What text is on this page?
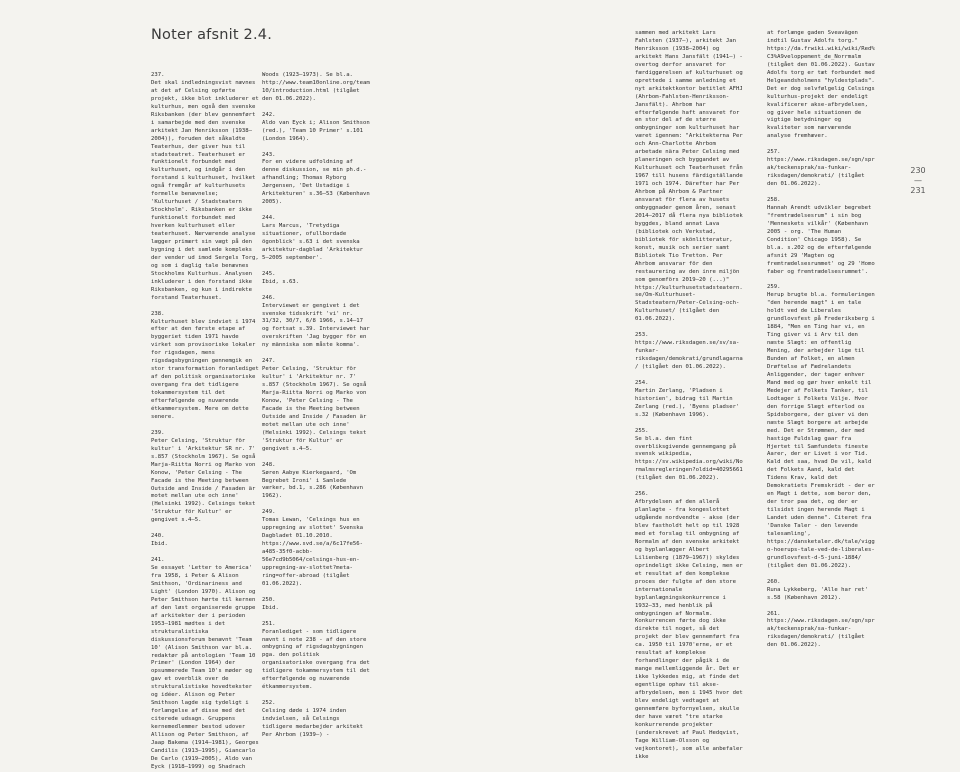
Noter afsnit 2.4.

237.
Det skal indledningsvist nævnes at det af Celsing opførte projekt, ikke blot inkluderer et kulturhus, men også den svenske Riksbanken (der blev gennemført i samarbejde med den svenske arkitekt Jan Henriksson (1938–2004)), foruden det såkaldte Teaterhus, der giver hus til stadsteatret. Teaterhuset er funktionelt forbundet med kulturhuset, og indgår i den forstand i kulturhuset, hvilket også fremgår af kulturhusets formelle benævnelse; 'Kulturhuset / Stadsteatern Stockholm'. Riksbanken er ikke funktionelt forbundet med hverken kulturhuset eller teaterhuset. Nærværende analyse lægger primært sin vægt på den bygning i det samlede kompleks der vender ud imod Sergels Torg, og som i daglig tale benævnes Stockholms Kulturhus. Analysen inkluderer i den forstand ikke Riksbanken, og kun i indirekte forstand Teaterhuset.

238.
Kulturhuset blev indviet i 1974 efter at den første etape af byggeriet tiden 1971 havde virket som provisoriske lokaler for rigsdagen, mens rigsdagsbygningen gennemgik en stor transformation foranlediget af den politisk organisatoriske overgang fra det tidligere tokammersystem til det efterfølgende og nuværende étkammersystem. Mere om dette senere.

239.
Peter Celsing, 'Struktur för kultur' i 'Arkitektur SR nr. 7' s.857 (Stockholm 1967). Se også Marja-Riitta Norri og Marko von Konow, 'Peter Celsing - The Facade is the Meeting between Outside and Inside / Fasaden är motet mellan ute och inne' (Helsinki 1992). Celsings tekst 'Struktur för Kultur' er gengivet s.4–5.

240.
Ibid.

241.
Se essayet 'Letter to America' fra 1958, i Peter & Alison Smithson, 'Ordinariness and Light' (London 1970). Alison og Peter Smithson hørte til kernen af den løst organiserede gruppe af arkitekter der i perioden 1953–1981 mødtes i det strukturalistiska diskussionsforum benævnt 'Team 10' (Alison Smithson var bl.a. redaktør på antologien 'Team 10 Primer' (London 1964) der opsummerede Team 10's møder og gav et overblik over de strukturalistiske hovedtekster og idéer. Alison og Peter Smithson lagde sig tydeligt i forlængelse af disse med det citerede udsagn. Gruppens kernemedlemmer bestod udover Allison og Peter Smithson, af Jaap Bakema (1914–1981), Georges Candilis (1913–1995), Giancarlo De Carlo (1919–2005), Aldo van Eyck (1918–1999) og Shadrach

Woods (1923–1973). Se bl.a. http://www.team10online.org/team10/introduction.html (tilgået den 01.06.2022).

242.
Aldo van Eyck i; Alison Smithson (red.), 'Team 10 Primer' s.101 (London 1964).

243.
For en videre udfoldning af denne diskussion, se min ph.d.-afhandling; Thomas Ryborg Jørgensen, 'Det Ustadige i Arkitekturen' s.36–53 (København 2005).

244.
Lars Marcus, 'Tretydiga situationer, ofullbordade ögonblick' s.63 i det svenska arkitektur-dagblad 'Arkitektur 5–2005 september'.

245.
Ibid, s.63.

246.
Interviewet er gengivet i det svenske tidsskrift 'vi' nr. 31/32, 30/7, 6/8 1966, s.14–17 og fortsat s.39. Interviewet har overskriften 'Jag bygger för en ny människa som måste komma'.

247.
Peter Celsing, 'Struktur för kultur' i 'Arkitektur nr. 7' s.857 (Stockholm 1967). Se også Marja-Riitta Norri og Marko von Konow, 'Peter Celsing - The Facade is the Meeting between Outside and Inside / Fasaden är motet mellan ute och inne' (Helsinki 1992). Celsings tekst 'Struktur för Kultur' er gengivet s.4–5.

248.
Søren Aabye Kierkegaard, 'Om Begrebet Ironi' i Samlede værker, bd.1, s.286 (København 1962).

249.
Tomas Lewan, 'Celsings hus en uppregning av slottet' Svenska Dagbladet 01.10.2010. https://www.svd.se/a/6c17fe56-a485-35f0-acbb-56e7cd9b5064/celsings-hus-en-uppregning-av-slottet?meta-ring=offer-abroad (tilgået 01.06.2022).

250.
Ibid.

251.
Foranlediget - som tidligere nævnt i note 238 - af den store ombygning af rigsdagsbygningen pga. den politisk organisatoriske overgang fra det tidligere tokammersystem til det efterfølgende og nuværende étkammersystem.

252.
Celsing døde i 1974 inden indvielsen, så Celsings tidligere medarbejder arkitekt Per Ahrbom (1939–) -

sammen med arkitekt Lars Fahlsten (1937–), arkitekt Jan Henriksson (1938–2004) og arkitekt Hans Jansfält (1941–) - overtog derfor ansvaret for færdiggørelsen af kulturhuset og oprettede i samme anledning et nyt arkitektkontor betitlet AFHJ (Ahrbom-Fahlsten-Henriksson-Jansfält). Ahrbom har efterfølgende haft ansvaret for en stor del af de større ombygninger som kulturhuset har været igennem: "Arkitekterna Per och Ann-Charlotte Ahrbom arbetade nära Peter Celsing med planeringen och byggandet av Kulturhuset och Teaterhuset från 1967 till husens färdigställande 1971 och 1974. Därefter har Per Ahrbom på Ahrbom & Partner ansvarat för flera av husets ombyggnader genom åren, senast 2014–2017 då flera nya bibliotek byggdes, bland annat Lava (bibliotek och Verkstad, bibliotek för skönlitteratur, konst, musik och serier samt Bibliotek Tio Tretton. Per Ahrbom ansvarar för den restaurering av den inre miljön som genomförs 2019–20 (...)" https://kulturhusetstadsteatern.se/Om-Kulturhuset-Stadsteatern/Peter-Celsing-och-Kulturhuset/ (tilgået den 01.06.2022).

253.
https://www.riksdagen.se/sv/sa-funkar-riksdagen/demokrati/grundlagarna/ (tilgået den 01.06.2022).

254.
Martin Zerlang, 'Pladsen i historien', bidrag til Martin Zerlang (red.), 'Byens pladser' s.32 (København 1996).

255.
Se bl.a. den fint overbliksgivende gennemgang på svensk wikipedia, https://sv.wikipedia.org/wiki/Normalmsregleringen?oldid=40295661 (tilgået den 01.06.2022).

256.
Afbrydelsen af den allerå planlagte - fra kongeslottet udgående nordvendte - akse (der blev fastholdt helt op til 1928 med et forslag til ombygning af Normalm af den svenske arkitekt og byplanlægger Albert Lilienberg (1879–1967)) skyldes oprindeligt ikke Celsing, men er et resultat af den komplekse proces der fulgte af den store internationale byplanlægningskonkurrence i 1932–33, med henblik på ombygningen af Normalm. Konkurrencen førte dog ikke direkte til noget, så det projekt der blev gennemført fra ca. 1950 til 1970'erne, er et resultat af komplekse forhandlinger der pågik i de mange mellemliggende år. Det er ikke lykkedes mig, at finde det egentlige ophav til akse-afbrydelsen, men i 1945 hvor det blev endeligt vedtaget at gennemføre byfornyelsen, skulle der have været "tre starke konkurrerende projekter (underskrevet af Paul Hedqvist, Tage William-Olsson og vejkontoret), som alle anbefaler ikke

at forlænge gaden Sveavägen indtil Gustav Adolfs torg." https://da.frwiki.wiki/wiki/Red%C3%A9veloppement_de_Norrmalm (tilgået den 01.06.2022). Gustav Adolfs torg er tæt forbundet med Helgeandsholmens "hyldestplads". Det er dog selvfølgelig Celsings kulturhus-projekt der endeligt kvalificerer akse-afbrydelsen, og giver hele situationen de vigtige betydninger og kvaliteter som nærværende analyse fremhæver.

257.
https://www.riksdagen.se/sgn/sprak/teckensprak/sa-funkar-riksdagen/demokrati/ (tilgået den 01.06.2022).

258.
Hannah Arendt udvikler begrebet "fremtrædelsesrum" i sin bog 'Menneskets vilkår' (København 2005 - org. 'The Human Condition' Chicago 1958). Se bl.a. s.202 og de efterfølgende afsnit 29 'Magten og fremtrædelsesrummet' og 29 'Homo faber og fremtrædelsesrummet'.

259.
Herup brugte bl.a. formuleringen "den herende magt" i en tale holdt ved de Liberales grundlovsfest på Frederiksberg i 1884, "Men en Ting har vi, en Ting giver vi i Arv til den næste Slægt: en offentlig Mening, der arbejder lige til Bunden af Folket, en almen Drøftelse af Fædrelandets Anliggender, der tager enhver Mand med og gør hver enkelt til Medejer af Folkets Tanker, til Lodtager i Folkets Vilje. Hvor den forrige Slægt efterlod os Spidsborgere, der giver vi den næste Slægt borgere at arbejde med. Det er Strømmen, der med hastige Fuldslag gaar fra Hjertet til Samfundets fineste Aarer, der er Livet i vor Tid. Kald det saa, hvad De vil, kald det Folkets Aand, kald det Tidens Krav, kald det Demokratiets Fremskridt - der er en Magt i dette, som beror den, der tror paa det, og der er tilsidst ingen herende Magt i Landet uden denne". Citeret fra 'Danske Taler - den levende talesamling', https://dansketaler.dk/tale/viggo-hoerups-tale-ved-de-liberales-grundlovsfest-d-5-juni-1884/ (tilgået den 01.06.2022).

260.
Runa Lykkeberg, 'Alle har ret' s.58 (København 2012).

261.
https://www.riksdagen.se/sgn/sprak/teckensprak/sa-funkar-riksdagen/demokrati/ (tilgået den 01.06.2022).

230
—
231
